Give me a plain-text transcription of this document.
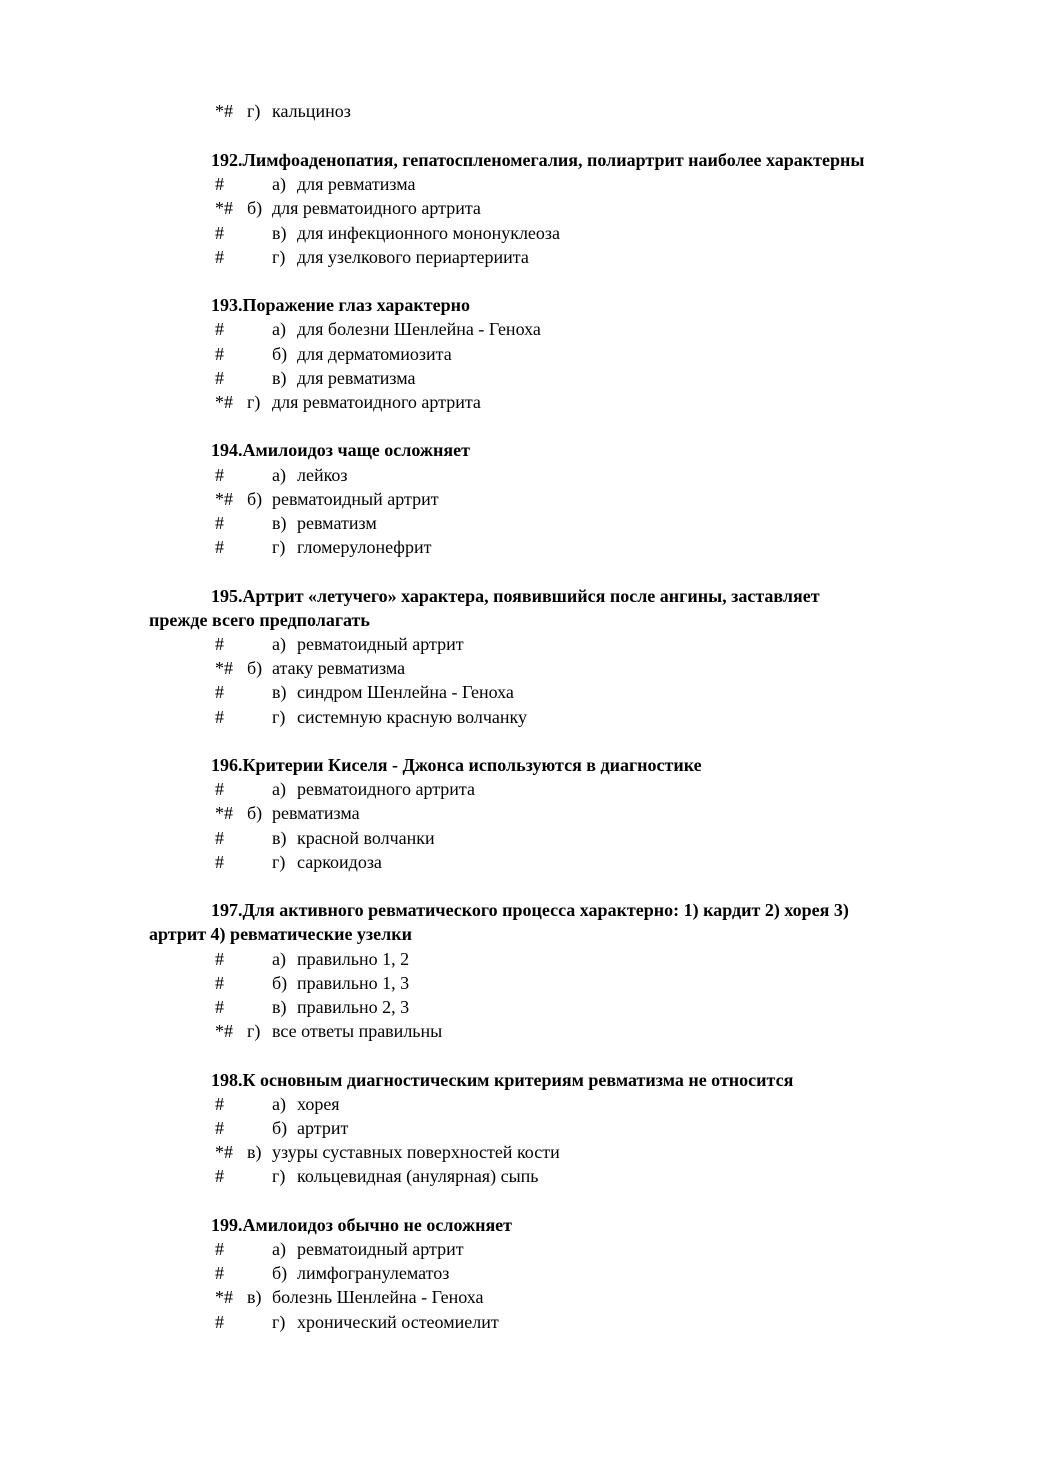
*# г) кальциноз
192.Лимфоаденопатия, гепатоспленомегалия, полиартрит наиболее характерны
#	а) для ревматизма
*# б) для ревматоидного артрита
#	в) для инфекционного мононуклеоза
#	г) для узелкового периартериита
193.Поражение глаз характерно
#	а) для болезни Шенлейна - Геноха
#	б) для дерматомиозита
#	в) для ревматизма
*# г) для ревматоидного артрита
194.Амилоидоз чаще осложняет
#	а) лейкоз
*# б) ревматоидный артрит
#	в) ревматизм
#	г) гломерулонефрит
195.Артрит «летучего» характера, появившийся после ангины, заставляет
прежде всего предполагать
#	а) ревматоидный артрит
*# б) атаку ревматизма
#	в) синдром Шенлейна - Геноха
#	г) системную красную волчанку
196.Критерии Киселя - Джонса используются в диагностике
#	а) ревматоидного артрита
*# б) ревматизма
#	в) красной волчанки
#	г) саркоидоза
197.Для активного ревматического процесса характерно: 1) кардит 2) хорея 3)
артрит 4) ревматические узелки
#	а) правильно 1, 2
#	б) правильно 1, 3
#	в) правильно 2, 3
*# г) все ответы правильны
198.К основным диагностическим критериям ревматизма не относится
#	а) хорея
#	б) артрит
*# в) узуры суставных поверхностей кости
#	г) кольцевидная (анулярная) сыпь
199.Амилоидоз обычно не осложняет
#	а) ревматоидный артрит
#	б) лимфогранулематоз
*# в) болезнь Шенлейна - Геноха
#	г) хронический остеомиелит
